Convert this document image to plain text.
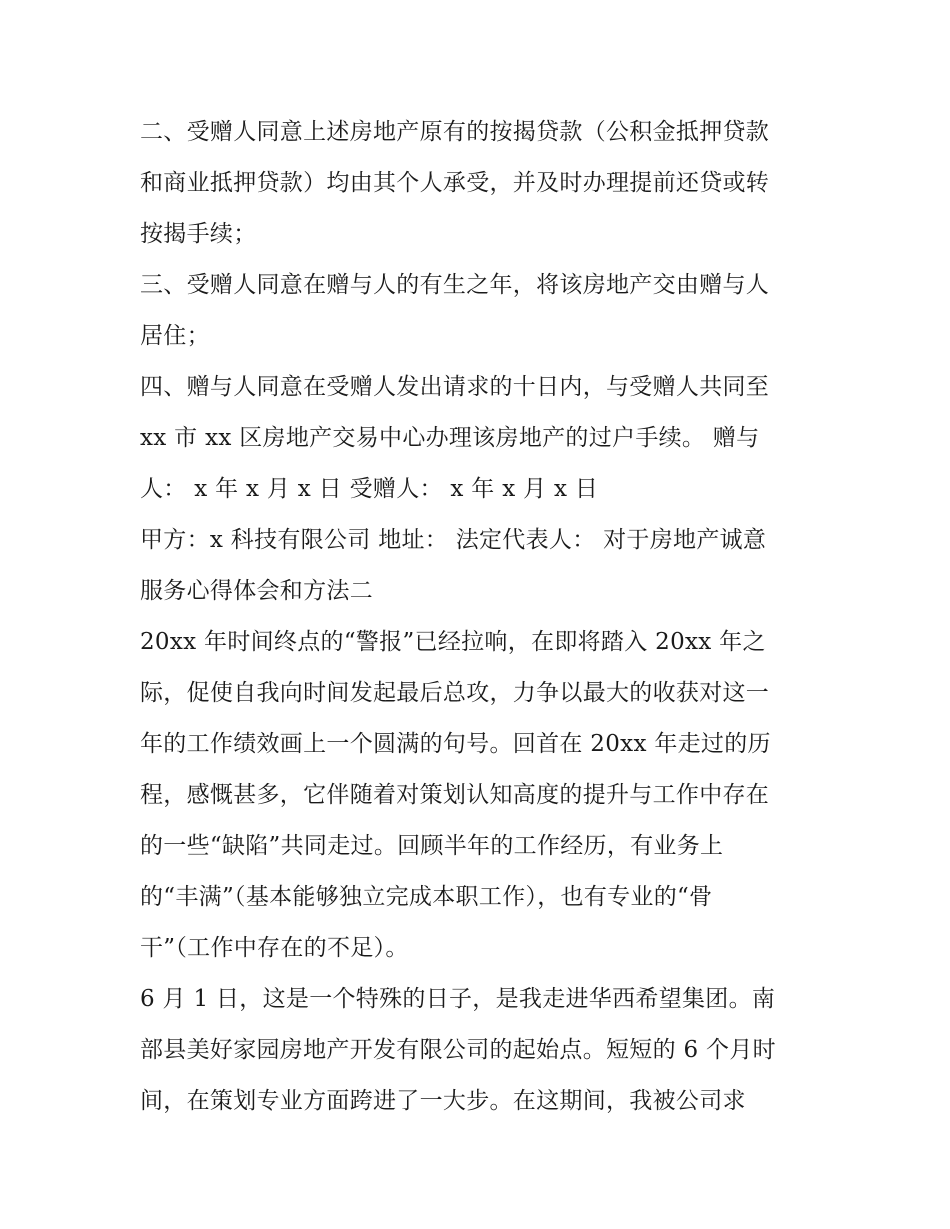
二、受赠人同意上述房地产原有的按揭贷款（公积金抵押贷款
和商业抵押贷款）均由其个人承受，并及时办理提前还贷或转
按揭手续；
三、受赠人同意在赠与人的有生之年，将该房地产交由赠与人
居住；
四、赠与人同意在受赠人发出请求的十日内，与受赠人共同至
xx 市 xx 区房地产交易中心办理该房地产的过户手续。 赠与
人： x 年 x 月 x 日 受赠人： x 年 x 月 x 日
甲方：x 科技有限公司 地址： 法定代表人： 对于房地产诚意
服务心得体会和方法二
20xx 年时间终点的“警报”已经拉响，在即将踏入 20xx 年之
际，促使自我向时间发起最后总攻，力争以最大的收获对这一
年的工作绩效画上一个圆满的句号。回首在 20xx 年走过的历
程，感慨甚多，它伴随着对策划认知高度的提升与工作中存在
的一些“缺陷”共同走过。回顾半年的工作经历，有业务上
的“丰满”（基本能够独立完成本职工作），也有专业的“骨
干”（工作中存在的不足）。
6 月 1 日，这是一个特殊的日子，是我走进华西希望集团。南
部县美好家园房地产开发有限公司的起始点。短短的 6 个月时
间，在策划专业方面跨进了一大步。在这期间，我被公司求
